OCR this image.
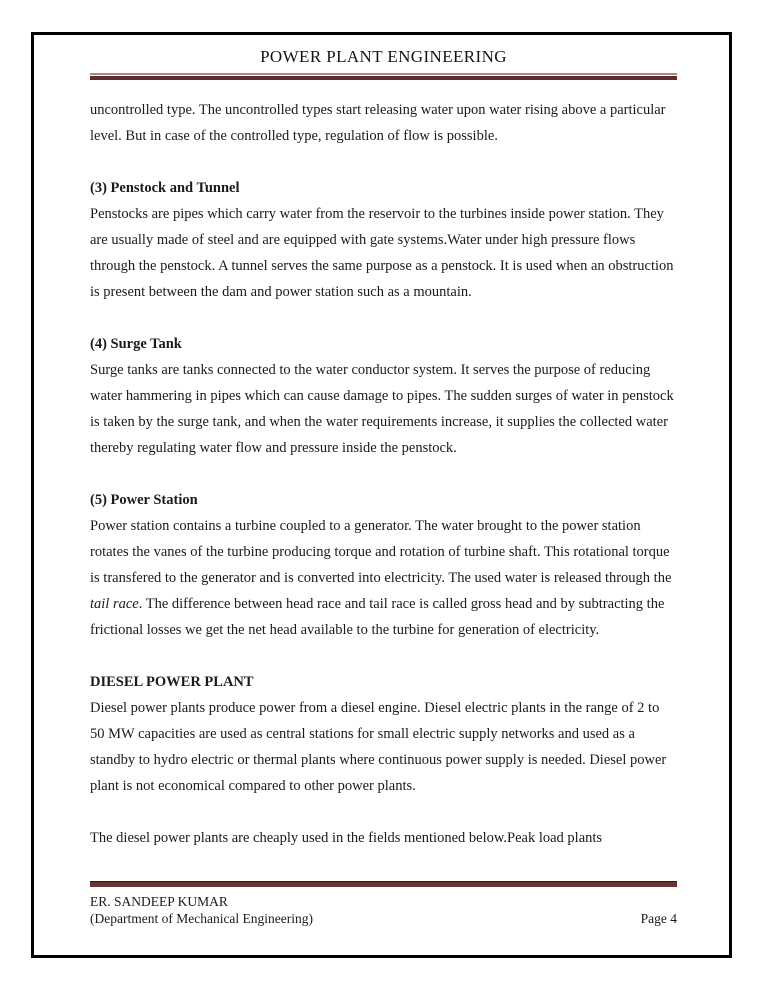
POWER PLANT ENGINEERING
uncontrolled type. The uncontrolled types start releasing water upon water rising above a particular level. But in case of the controlled type, regulation of flow is possible.
(3) Penstock and Tunnel
Penstocks are pipes which carry water from the reservoir to the turbines inside power station. They are usually made of steel and are equipped with gate systems.Water under high pressure flows through the penstock. A tunnel serves the same purpose as a penstock. It is used when an obstruction is present between the dam and power station such as a mountain.
(4) Surge Tank
Surge tanks are tanks connected to the water conductor system. It serves the purpose of reducing water hammering in pipes which can cause damage to pipes. The sudden surges of water in penstock is taken by the surge tank, and when the water requirements increase, it supplies the collected water thereby regulating water flow and pressure inside the penstock.
(5) Power Station
Power station contains a turbine coupled to a generator. The water brought to the power station rotates the vanes of the turbine producing torque and rotation of turbine shaft. This rotational torque is transfered to the generator and is converted into electricity. The used water is released through the tail race. The difference between head race and tail race is called gross head and by subtracting the frictional losses we get the net head available to the turbine for generation of electricity.
DIESEL POWER PLANT
Diesel power plants produce power from a diesel engine. Diesel electric plants in the range of 2 to 50 MW capacities are used as central stations for small electric supply networks and used as a standby to hydro electric or thermal plants where continuous power supply is needed. Diesel power plant is not economical compared to other power plants.
The diesel power plants are cheaply used in the fields mentioned below.Peak load plants
ER. SANDEEP KUMAR
(Department of Mechanical Engineering)	Page 4
